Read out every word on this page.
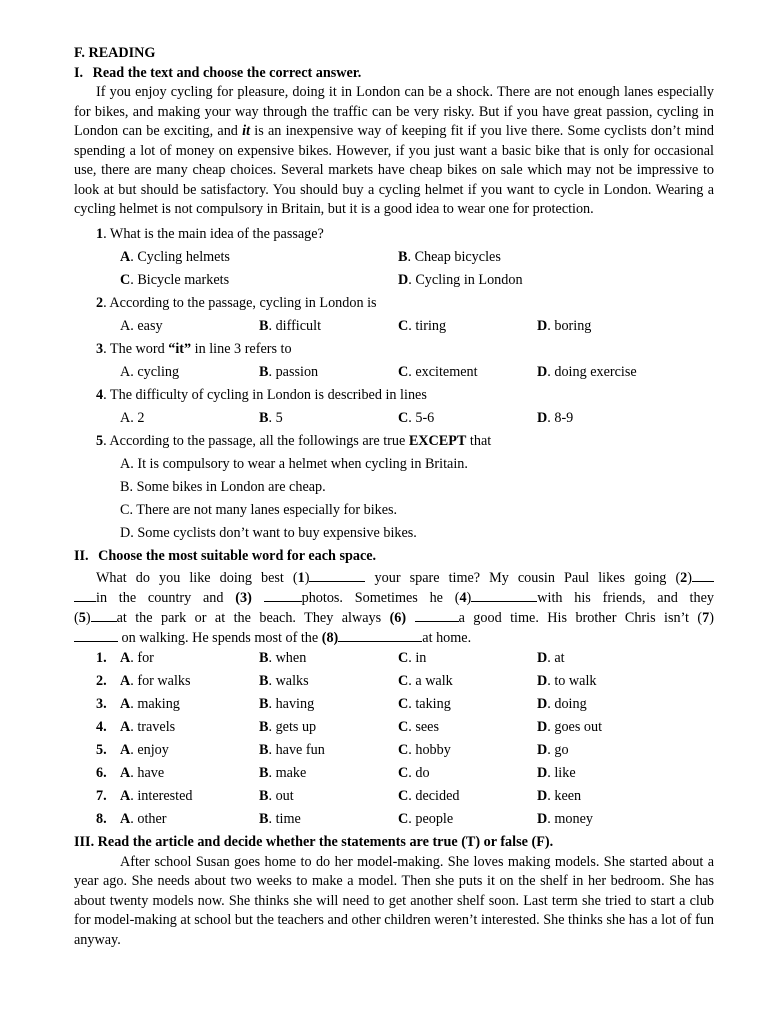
F. READING
I. Read the text and choose the correct answer.
If you enjoy cycling for pleasure, doing it in London can be a shock. There are not enough lanes especially for bikes, and making your way through the traffic can be very risky. But if you have great passion, cycling in London can be exciting, and it is an inexpensive way of keeping fit if you live there. Some cyclists don’t mind spending a lot of money on expensive bikes. However, if you just want a basic bike that is only for occasional use, there are many cheap choices. Several markets have cheap bikes on sale which may not be impressive to look at but should be satisfactory. You should buy a cycling helmet if you want to cycle in London. Wearing a cycling helmet is not compulsory in Britain, but it is a good idea to wear one for protection.
1. What is the main idea of the passage?
A. Cycling helmets	B. Cheap bicycles
C. Bicycle markets	D. Cycling in London
2. According to the passage, cycling in London is
A. easy	B. difficult	C. tiring	D. boring
3. The word “it” in line 3 refers to
A. cycling	B. passion	C. excitement	D. doing exercise
4. The difficulty of cycling in London is described in lines
A. 2	B. 5	C. 5-6	D. 8-9
5. According to the passage, all the followings are true EXCEPT that
A. It is compulsory to wear a helmet when cycling in Britain.
B. Some bikes in London are cheap.
C. There are not many lanes especially for bikes.
D. Some cyclists don’t want to buy expensive bikes.
II. Choose the most suitable word for each space.
What do you like doing best (1)	your spare time? My cousin Paul likes going (2)
in the country and (3)	photos. Sometimes he (4)	with his friends, and they
(5) at the park or at the beach. They always (6)	a good time. His brother Chris isn’t (7)
on walking. He spends most of the (8)	at home.
1. A. for	B. when	C. in	D. at
2. A. for walks	B. walks	C. a walk	D. to walk
3. A. making	B. having	C. taking	D. doing
4. A. travels	B. gets up	C. sees	D. goes out
5. A. enjoy	B. have fun	C. hobby	D. go
6. A. have	B. make	C. do	D. like
7. A. interested	B. out	C. decided	D. keen
8. A. other	B. time	C. people	D. money
III. Read the article and decide whether the statements are true (T) or false (F).
After school Susan goes home to do her model-making. She loves making models. She started about a year ago. She needs about two weeks to make a model. Then she puts it on the shelf in her bedroom. She has about twenty models now. She thinks she will need to get another shelf soon. Last term she tried to start a club for model-making at school but the teachers and other children weren’t interested. She thinks she has a lot of fun anyway.
